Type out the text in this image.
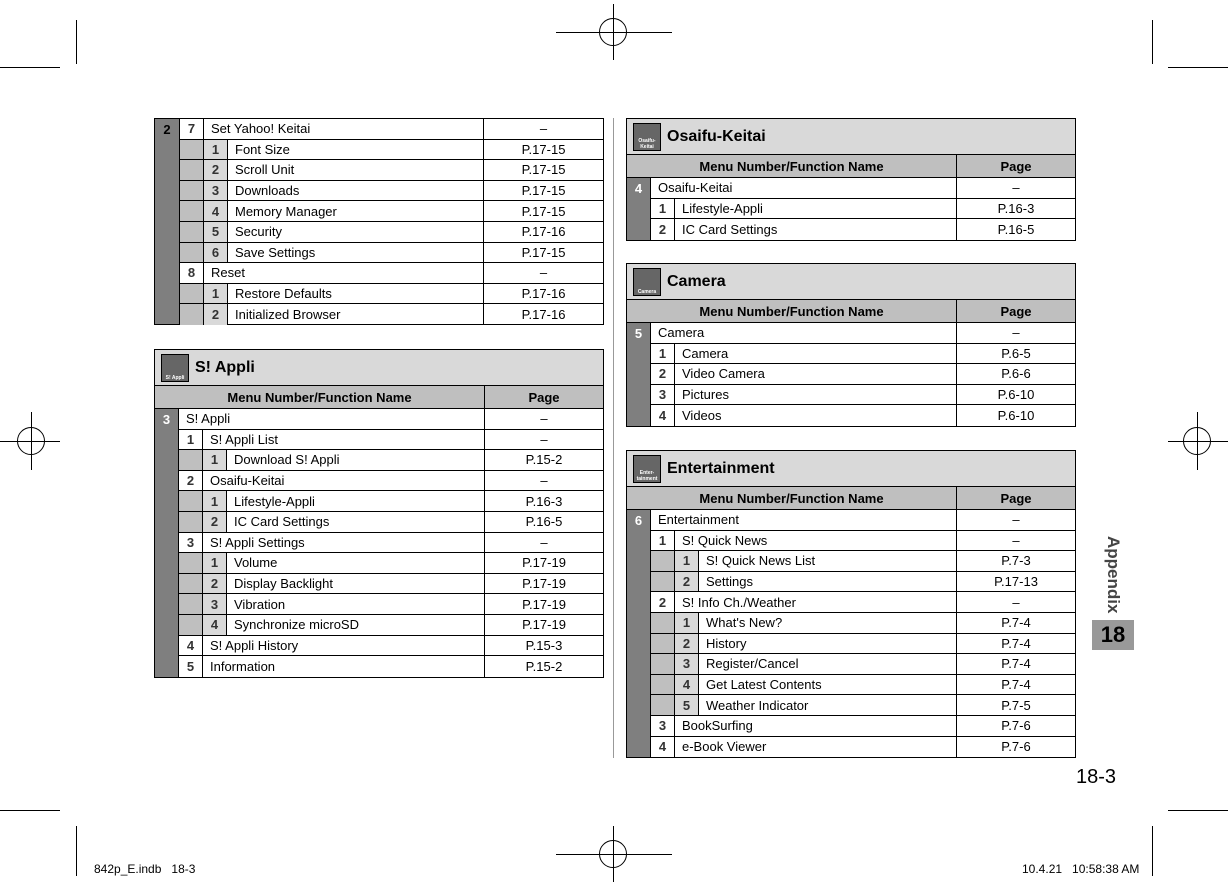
2	7	Set Yahoo! Keitai	–
1	Font Size	P.17-15
2	Scroll Unit	P.17-15
3	Downloads	P.17-15
4	Memory Manager	P.17-15
5	Security	P.17-16
6	Save Settings	P.17-15
8	Reset	–
1	Restore Defaults	P.17-16
2	Initialized Browser	P.17-16
S! Appli
S! Appli
Menu Number/Function Name	Page
3	S! Appli	–
1	S! Appli List	–
1	Download S! Appli	P.15-2
2	Osaifu-Keitai	–
1	Lifestyle-Appli	P.16-3
2	IC Card Settings	P.16-5
3	S! Appli Settings	–
1	Volume	P.17-19
2	Display Backlight	P.17-19
3	Vibration	P.17-19
4	Synchronize microSD	P.17-19
4	S! Appli History	P.15-3
5	Information	P.15-2
Osaifu-Keitai
Osaifu-Keitai
Menu Number/Function Name	Page
4	Osaifu-Keitai	–
1	Lifestyle-Appli	P.16-3
2	IC Card Settings	P.16-5
Camera
Camera
Menu Number/Function Name	Page
5	Camera	–
1	Camera	P.6-5
2	Video Camera	P.6-6
3	Pictures	P.6-10
4	Videos	P.6-10
Enter-tainment
Entertainment
Menu Number/Function Name	Page
6	Entertainment	–
1	S! Quick News	–
1	S! Quick News List	P.7-3
2	Settings	P.17-13
2	S! Info Ch./Weather	–
1	What's New?	P.7-4
2	History	P.7-4
3	Register/Cancel	P.7-4
4	Get Latest Contents	P.7-4
5	Weather Indicator	P.7-5
3	BookSurfing	P.7-6
4	e-Book Viewer	P.7-6
Appendix
18
18-3
842p_E.indb   18-3	10.4.21   10:58:38 AM
